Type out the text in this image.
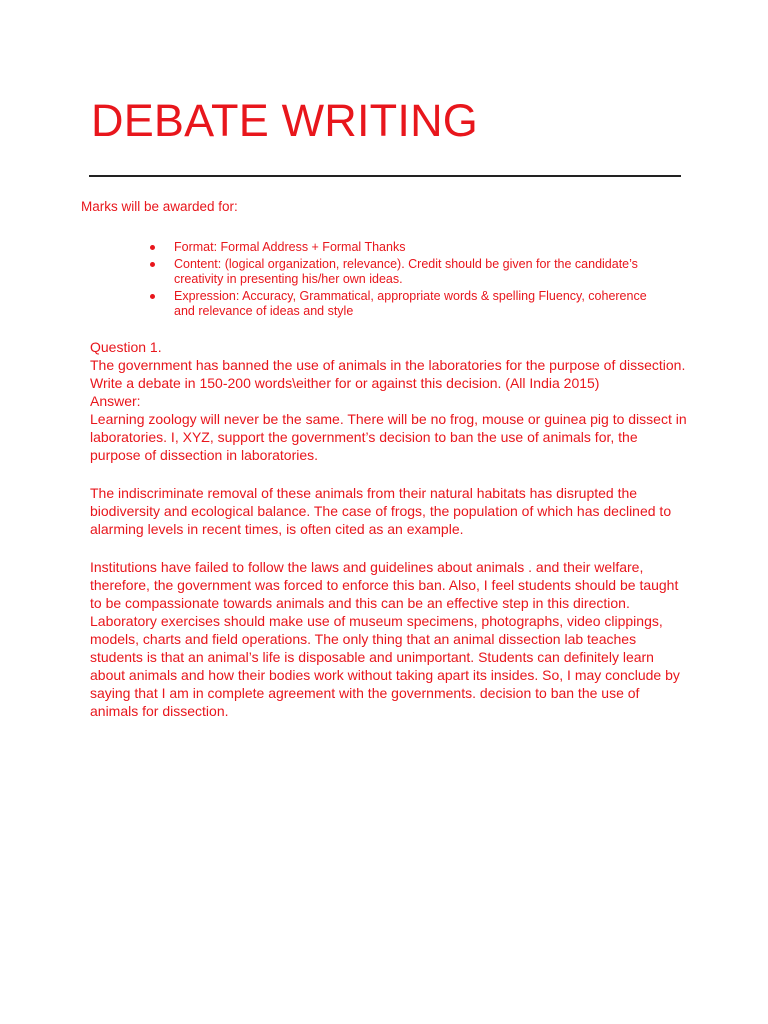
DEBATE WRITING

Marks will be awarded for:

Format: Formal Address + Formal Thanks
Content: (logical organization, relevance). Credit should be given for the candidate’s creativity in presenting his/her own ideas.
Expression: Accuracy, Grammatical, appropriate words & spelling Fluency, coherence and relevance of ideas and style

Question 1.

The government has banned the use of animals in the laboratories for the purpose of dissection. Write a debate in 150-200 words\either for or against this decision. (All India 2015)

Answer:

Learning zoology will never be the same. There will be no frog, mouse or guinea pig to dissect in laboratories. I, XYZ, support the government’s decision to ban the use of animals for, the purpose of dissection in laboratories.

The indiscriminate removal of these animals from their natural habitats has disrupted the biodiversity and ecological balance. The case of frogs, the population of which has declined to alarming levels in recent times, is often cited as an example.

Institutions have failed to follow the laws and guidelines about animals . and their welfare, therefore, the government was forced to enforce this ban. Also, I feel students should be taught to be compassionate towards animals and this can be an effective step in this direction. Laboratory exercises should make use of museum specimens, photographs, video clippings, models, charts and field operations. The only thing that an animal dissection lab teaches students is that an animal’s life is disposable and unimportant. Students can definitely learn about animals and how their bodies work without taking apart its insides. So, I may conclude by saying that I am in complete agreement with the governments. decision to ban the use of animals for dissection.
